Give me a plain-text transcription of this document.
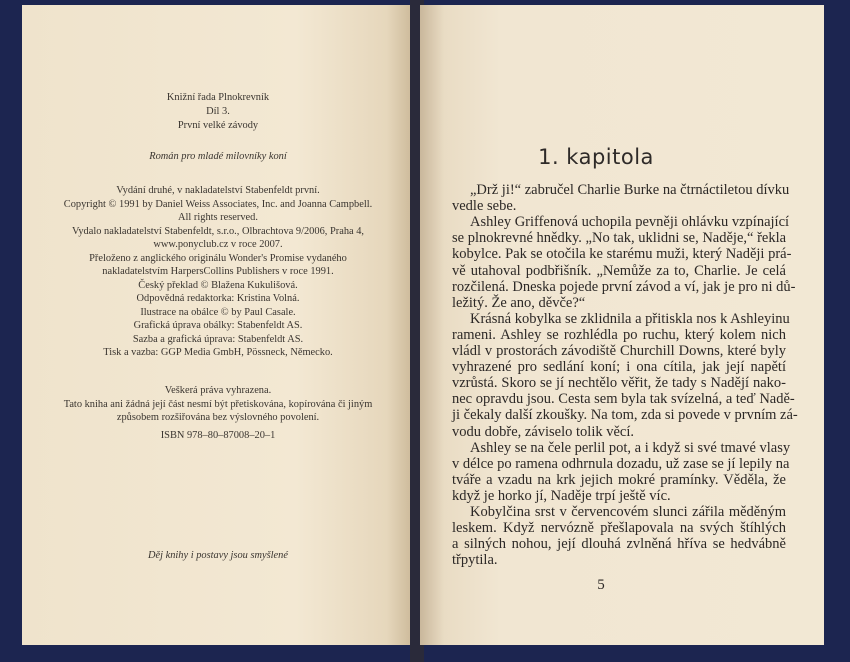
Knižní řada Plnokrevník
Díl 3.
První velké závody
Román pro mladé milovníky koní
Vydání druhé, v nakladatelství Stabenfeldt první.
Copyright © 1991 by Daniel Weiss Associates, Inc. and Joanna Campbell.
All rights reserved.
Vydalo nakladatelství Stabenfeldt, s.r.o., Olbrachtova 9/2006, Praha 4,
www.ponyclub.cz v roce 2007.
Přeloženo z anglického originálu Wonder's Promise vydaného
nakladatelstvím HarpersCollins Publishers v roce 1991.
Český překlad © Blažena Kukulišová.
Odpovědná redaktorka: Kristina Volná.
Ilustrace na obálce © by Paul Casale.
Grafická úprava obálky: Stabenfeldt AS.
Sazba a grafická úprava: Stabenfeldt AS.
Tisk a vazba: GGP Media GmbH, Pössneck, Německo.
Veškerá práva vyhrazena.
Tato kniha ani žádná její část nesmí být přetiskována, kopírována či jiným
způsobem rozšiřována bez výslovného povolení.
ISBN 978–80–87008–20–1
Děj knihy i postavy jsou smyšlené
1. kapitola
5
„Drž ji!“ zabručel Charlie Burke na čtrnáctiletou dívku
vedle sebe.
Ashley Griffenová uchopila pevněji ohlávku vzpínající
se plnokrevné hnědky. „No tak, uklidni se, Naděje,“ řekla
kobylce. Pak se otočila ke starému muži, který Naději prá-
vě utahoval podbřišník. „Nemůže za to, Charlie. Je celá
rozčilená. Dneska pojede první závod a ví, jak je pro ni dů-
ležitý. Že ano, děvče?“
Krásná kobylka se zklidnila a přitiskla nos k Ashleyinu
rameni. Ashley se rozhlédla po ruchu, který kolem nich
vládl v prostorách závodiště Churchill Downs, které byly
vyhrazené pro sedlání koní; i ona cítila, jak její napětí
vzrůstá. Skoro se jí nechtělo věřit, že tady s Nadějí nako-
nec opravdu jsou. Cesta sem byla tak svízelná, a teď Nadě-
ji čekaly další zkoušky. Na tom, zda si povede v prvním zá-
vodu dobře, záviselo tolik věcí.
Ashley se na čele perlil pot, a i když si své tmavé vlasy
v délce po ramena odhrnula dozadu, už zase se jí lepily na
tváře a vzadu na krk jejich mokré pramínky. Věděla, že
když je horko jí, Naděje trpí ještě víc.
Kobylčina srst v červencovém slunci zářila měděným
leskem. Když nervózně přešlapovala na svých štíhlých
a silných nohou, její dlouhá zvlněná hříva se hedvábně
třpytila.
